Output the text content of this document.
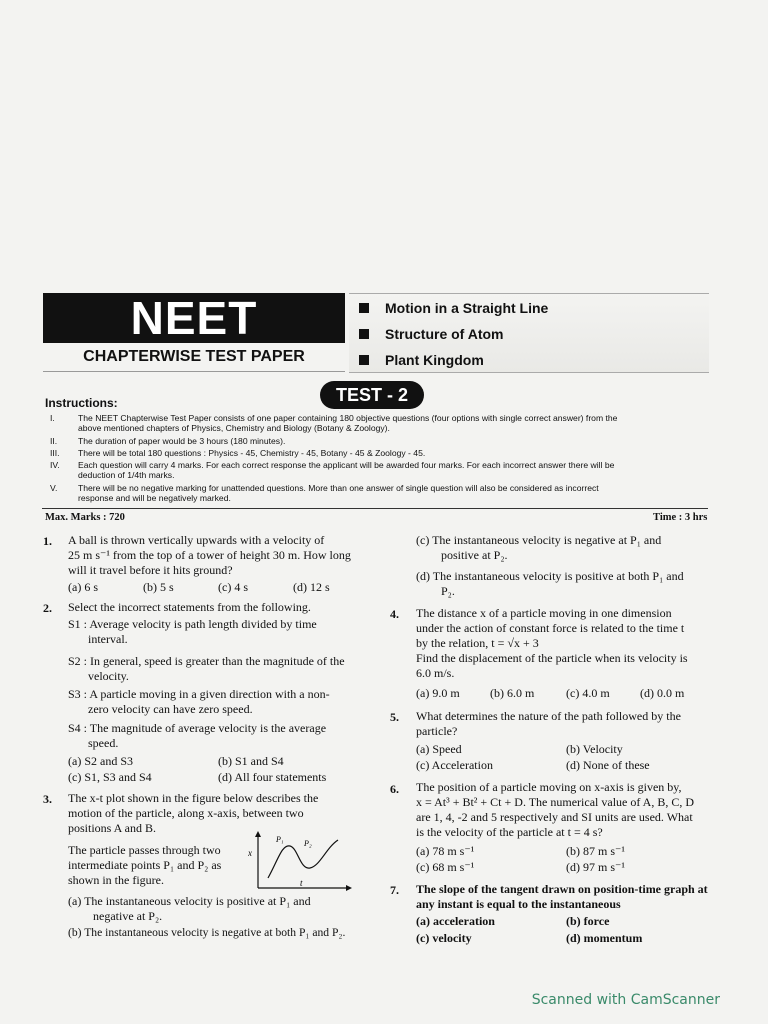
NEET
CHAPTERWISE TEST PAPER
Motion in a Straight Line
Structure of Atom
Plant Kingdom
TEST - 2
Instructions:
I.	The NEET Chapterwise Test Paper consists of one paper containing 180 objective questions (four options with single correct answer) from the
above mentioned chapters of Physics, Chemistry and Biology (Botany & Zoology).
II. The duration of paper would be 3 hours (180 minutes).
III. There will be total 180 questions : Physics - 45, Chemistry - 45, Botany - 45 & Zoology - 45.
IV. Each question will carry 4 marks. For each correct response the applicant will be awarded four marks. For each incorrect answer there will be
deduction of 1/4th marks.
V. There will be no negative marking for unattended questions. More than one answer of single question will also be considered as incorrect
response and will be negatively marked.
Max. Marks : 720	Time : 3 hrs
1. A ball is thrown vertically upwards with a velocity of
25 m s⁻¹ from the top of a tower of height 30 m. How long
will it travel before it hits ground?
(a) 6 s	(b) 5 s	(c) 4 s	(d) 12 s
2. Select the incorrect statements from the following.
S1 : Average velocity is path length divided by time
interval.
S2 : In general, speed is greater than the magnitude of the
velocity.
S3 : A particle moving in a given direction with a non-
zero velocity can have zero speed.
S4 : The magnitude of average velocity is the average
speed.
(a) S2 and S3	(b) S1 and S4
(c) S1, S3 and S4	(d) All four statements
3. The x-t plot shown in the figure below describes the
motion of the particle, along x-axis, between two
positions A and B.
The particle passes through two
intermediate points P₁ and P₂ as
shown in the figure.
x
t
P₁	P₂
(a) The instantaneous velocity is positive at P₁ and
negative at P₂.
(b) The instantaneous velocity is negative at both P₁ and P₂.
(c) The instantaneous velocity is negative at P₁ and
positive at P₂.
(d) The instantaneous velocity is positive at both P₁ and
P₂.
4. The distance x of a particle moving in one dimension
under the action of constant force is related to the time t
by the relation, t = √x + 3
Find the displacement of the particle when its velocity is
6.0 m/s.
(a) 9.0 m	(b) 6.0 m	(c) 4.0 m	(d) 0.0 m
5. What determines the nature of the path followed by the
particle?
(a) Speed	(b) Velocity
(c) Acceleration	(d) None of these
6. The position of a particle moving on x-axis is given by,
x = At³ + Bt² + Ct + D. The numerical value of A, B, C, D
are 1, 4, -2 and 5 respectively and SI units are used. What
is the velocity of the particle at t = 4 s?
(a) 78 m s⁻¹	(b) 87 m s⁻¹
(c) 68 m s⁻¹	(d) 97 m s⁻¹
7. The slope of the tangent drawn on position-time graph at
any instant is equal to the instantaneous
(a) acceleration	(b) force
(c) velocity	(d) momentum
Scanned with CamScanner
